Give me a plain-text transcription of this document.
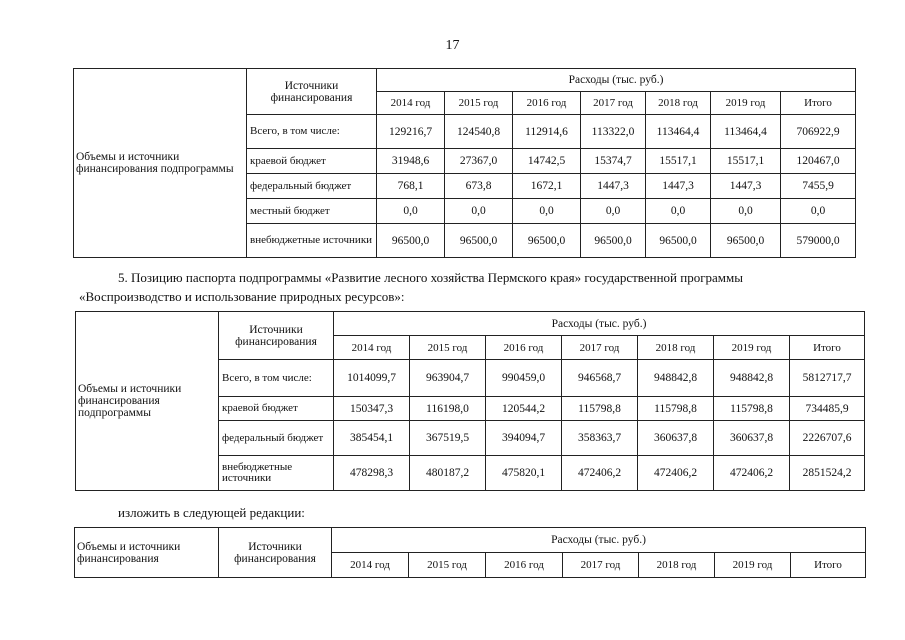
17
Объемы и источники финансирования подпрограммы	Источники финансирования	Расходы (тыс. руб.)						
		2014 год	2015 год	2016 год	2017 год	2018 год	2019 год	Итого
	Всего, в том числе:	129216,7	124540,8	112914,6	113322,0	113464,4	113464,4	706922,9
	краевой бюджет	31948,6	27367,0	14742,5	15374,7	15517,1	15517,1	120467,0
	федеральный бюджет	768,1	673,8	1672,1	1447,3	1447,3	1447,3	7455,9
	местный бюджет	0,0	0,0	0,0	0,0	0,0	0,0	0,0
	внебюджетные источники	96500,0	96500,0	96500,0	96500,0	96500,0	96500,0	579000,0
5. Позицию паспорта подпрограммы «Развитие лесного хозяйства Пермского края» государственной программы
«Воспроизводство и использование природных ресурсов»:
Объемы и источники финансирования подпрограммы	Источники финансирования	Расходы (тыс. руб.)						
		2014 год	2015 год	2016 год	2017 год	2018 год	2019 год	Итого
	Всего, в том числе:	1014099,7	963904,7	990459,0	946568,7	948842,8	948842,8	5812717,7
	краевой бюджет	150347,3	116198,0	120544,2	115798,8	115798,8	115798,8	734485,9
	федеральный бюджет	385454,1	367519,5	394094,7	358363,7	360637,8	360637,8	2226707,6
	внебюджетные источники	478298,3	480187,2	475820,1	472406,2	472406,2	472406,2	2851524,2
изложить в следующей редакции:
Объемы и источники финансирования	Источники финансирования	Расходы (тыс. руб.)						
		2014 год	2015 год	2016 год	2017 год	2018 год	2019 год	Итого
